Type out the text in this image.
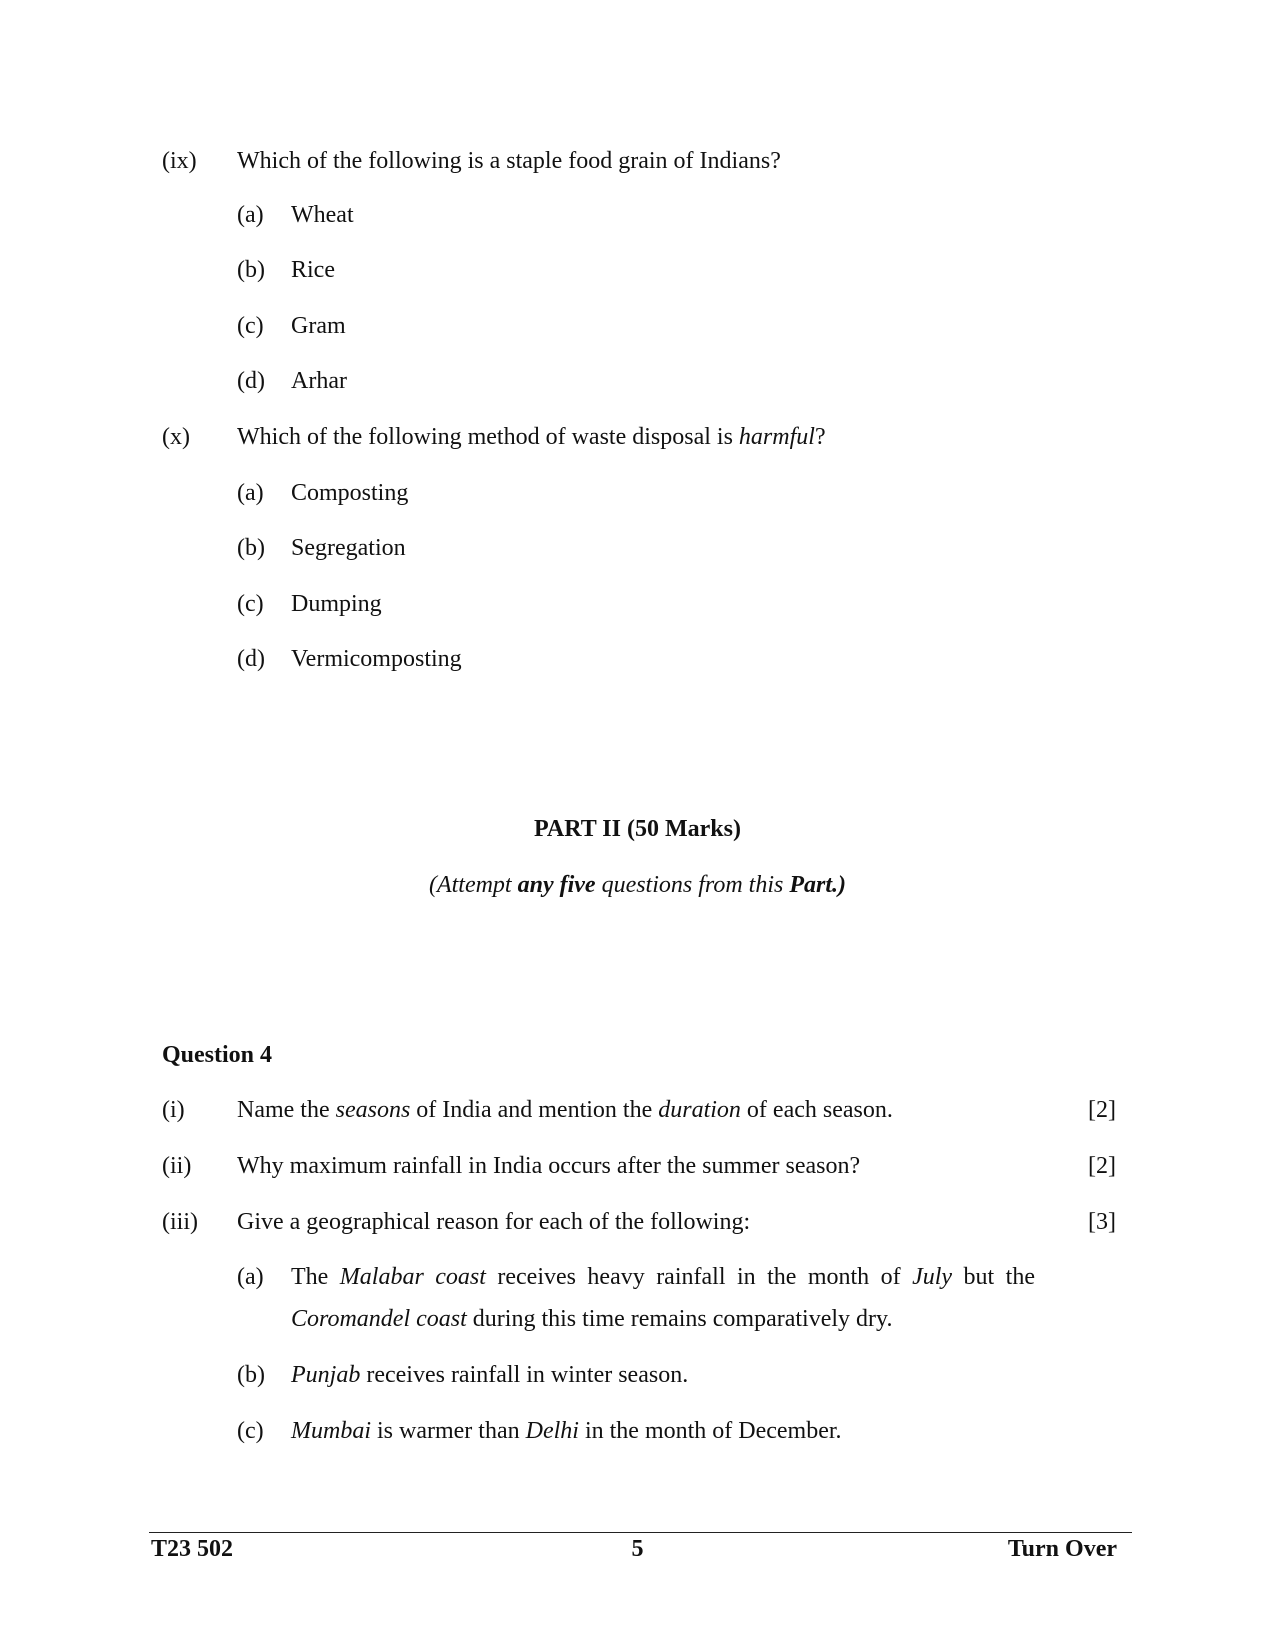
(ix) Which of the following is a staple food grain of Indians?
(a) Wheat
(b) Rice
(c) Gram
(d) Arhar
(x) Which of the following method of waste disposal is harmful?
(a) Composting
(b) Segregation
(c) Dumping
(d) Vermicomposting
PART II (50 Marks)
(Attempt any five questions from this Part.)
Question 4
(i) Name the seasons of India and mention the duration of each season.	[2]
(ii) Why maximum rainfall in India occurs after the summer season?	[2]
(iii) Give a geographical reason for each of the following:	[3]
(a) The Malabar coast receives heavy rainfall in the month of July but the
Coromandel coast during this time remains comparatively dry.
(b) Punjab receives rainfall in winter season.
(c) Mumbai is warmer than Delhi in the month of December.
T23 502	5	Turn Over
